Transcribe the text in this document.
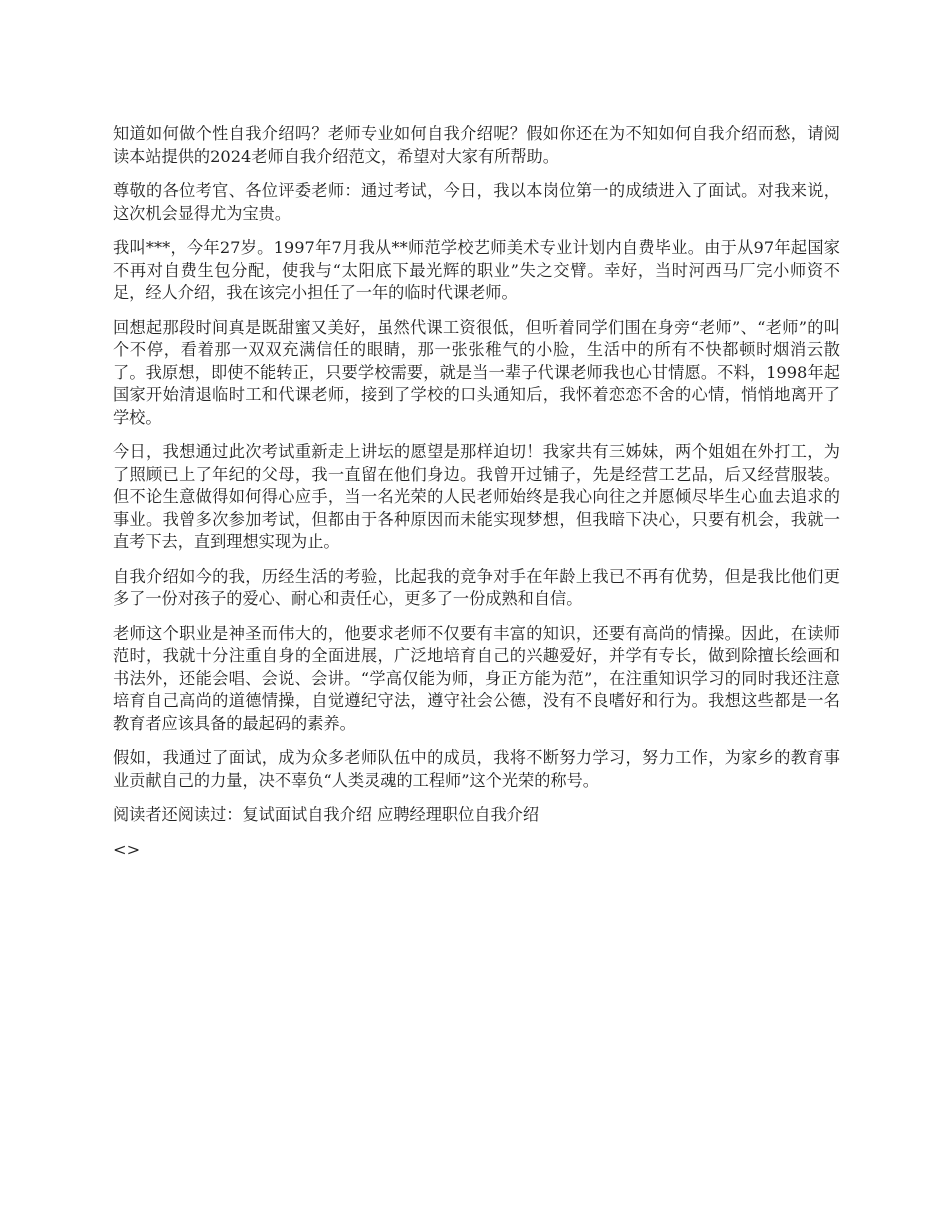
知道如何做个性自我介绍吗？老师专业如何自我介绍呢？假如你还在为不知如何自我介绍而愁，请阅读本站提供的2024老师自我介绍范文，希望对大家有所帮助。

尊敬的各位考官、各位评委老师：通过考试，今日，我以本岗位第一的成绩进入了面试。对我来说，这次机会显得尤为宝贵。

我叫***，今年27岁。1997年7月我从**师范学校艺师美术专业计划内自费毕业。由于从97年起国家不再对自费生包分配，使我与“太阳底下最光辉的职业”失之交臂。幸好，当时河西马厂完小师资不足，经人介绍，我在该完小担任了一年的临时代课老师。

回想起那段时间真是既甜蜜又美好，虽然代课工资很低，但听着同学们围在身旁“老师”、“老师”的叫个不停，看着那一双双充满信任的眼睛，那一张张稚气的小脸，生活中的所有不快都顿时烟消云散了。我原想，即使不能转正，只要学校需要，就是当一辈子代课老师我也心甘情愿。不料，1998年起国家开始清退临时工和代课老师，接到了学校的口头通知后，我怀着恋恋不舍的心情，悄悄地离开了学校。

今日，我想通过此次考试重新走上讲坛的愿望是那样迫切！我家共有三姊妹，两个姐姐在外打工，为了照顾已上了年纪的父母，我一直留在他们身边。我曾开过铺子，先是经营工艺品，后又经营服装。但不论生意做得如何得心应手，当一名光荣的人民老师始终是我心向往之并愿倾尽毕生心血去追求的事业。我曾多次参加考试，但都由于各种原因而未能实现梦想，但我暗下决心，只要有机会，我就一直考下去，直到理想实现为止。

自我介绍如今的我，历经生活的考验，比起我的竞争对手在年龄上我已不再有优势，但是我比他们更多了一份对孩子的爱心、耐心和责任心，更多了一份成熟和自信。

老师这个职业是神圣而伟大的，他要求老师不仅要有丰富的知识，还要有高尚的情操。因此，在读师范时，我就十分注重自身的全面进展，广泛地培育自己的兴趣爱好，并学有专长，做到除擅长绘画和书法外，还能会唱、会说、会讲。“学高仅能为师，身正方能为范”，在注重知识学习的同时我还注意培育自己高尚的道德情操，自觉遵纪守法，遵守社会公德，没有不良嗜好和行为。我想这些都是一名教育者应该具备的最起码的素养。

假如，我通过了面试，成为众多老师队伍中的成员，我将不断努力学习，努力工作，为家乡的教育事业贡献自己的力量，决不辜负“人类灵魂的工程师”这个光荣的称号。

阅读者还阅读过：复试面试自我介绍 应聘经理职位自我介绍

<>
